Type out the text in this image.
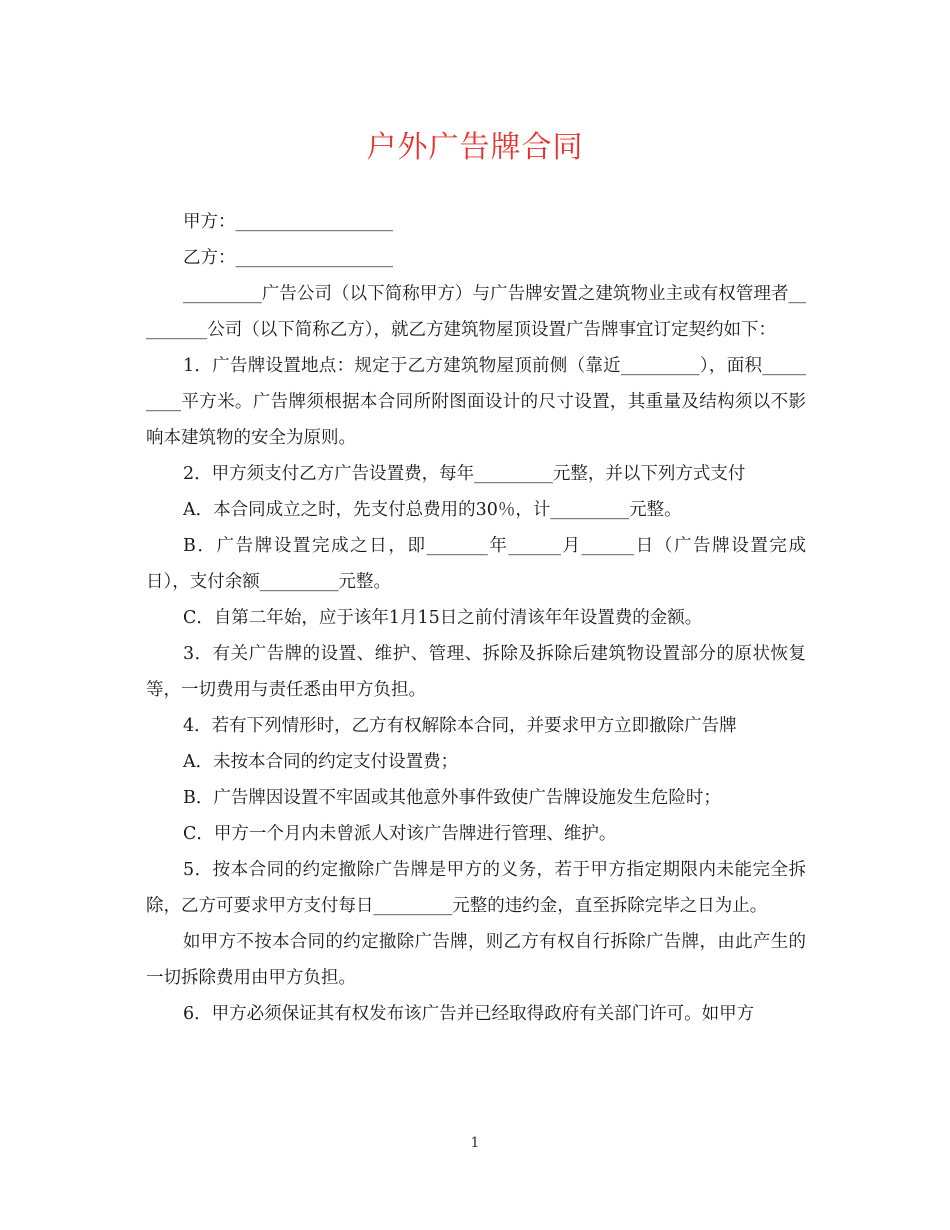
户外广告牌合同

甲方：__________________

乙方：__________________

_________广告公司（以下简称甲方）与广告牌安置之建筑物业主或有权管理者_________公司（以下简称乙方），就乙方建筑物屋顶设置广告牌事宜订定契约如下：

1．广告牌设置地点：规定于乙方建筑物屋顶前侧（靠近_________），面积_________平方米。广告牌须根据本合同所附图面设计的尺寸设置，其重量及结构须以不影响本建筑物的安全为原则。

2．甲方须支付乙方广告设置费，每年_________元整，并以下列方式支付

A．本合同成立之时，先支付总费用的30％，计_________元整。

B．广告牌设置完成之日，即_______年______月______日（广告牌设置完成日），支付余额_________元整。

C．自第二年始，应于该年1月15日之前付清该年年设置费的金额。

3．有关广告牌的设置、维护、管理、拆除及拆除后建筑物设置部分的原状恢复等，一切费用与责任悉由甲方负担。

4．若有下列情形时，乙方有权解除本合同，并要求甲方立即撤除广告牌

A．未按本合同的约定支付设置费；

B．广告牌因设置不牢固或其他意外事件致使广告牌设施发生危险时；

C．甲方一个月内未曾派人对该广告牌进行管理、维护。

5．按本合同的约定撤除广告牌是甲方的义务，若于甲方指定期限内未能完全拆除，乙方可要求甲方支付每日_________元整的违约金，直至拆除完毕之日为止。

如甲方不按本合同的约定撤除广告牌，则乙方有权自行拆除广告牌，由此产生的一切拆除费用由甲方负担。

6．甲方必须保证其有权发布该广告并已经取得政府有关部门许可。如甲方

1
